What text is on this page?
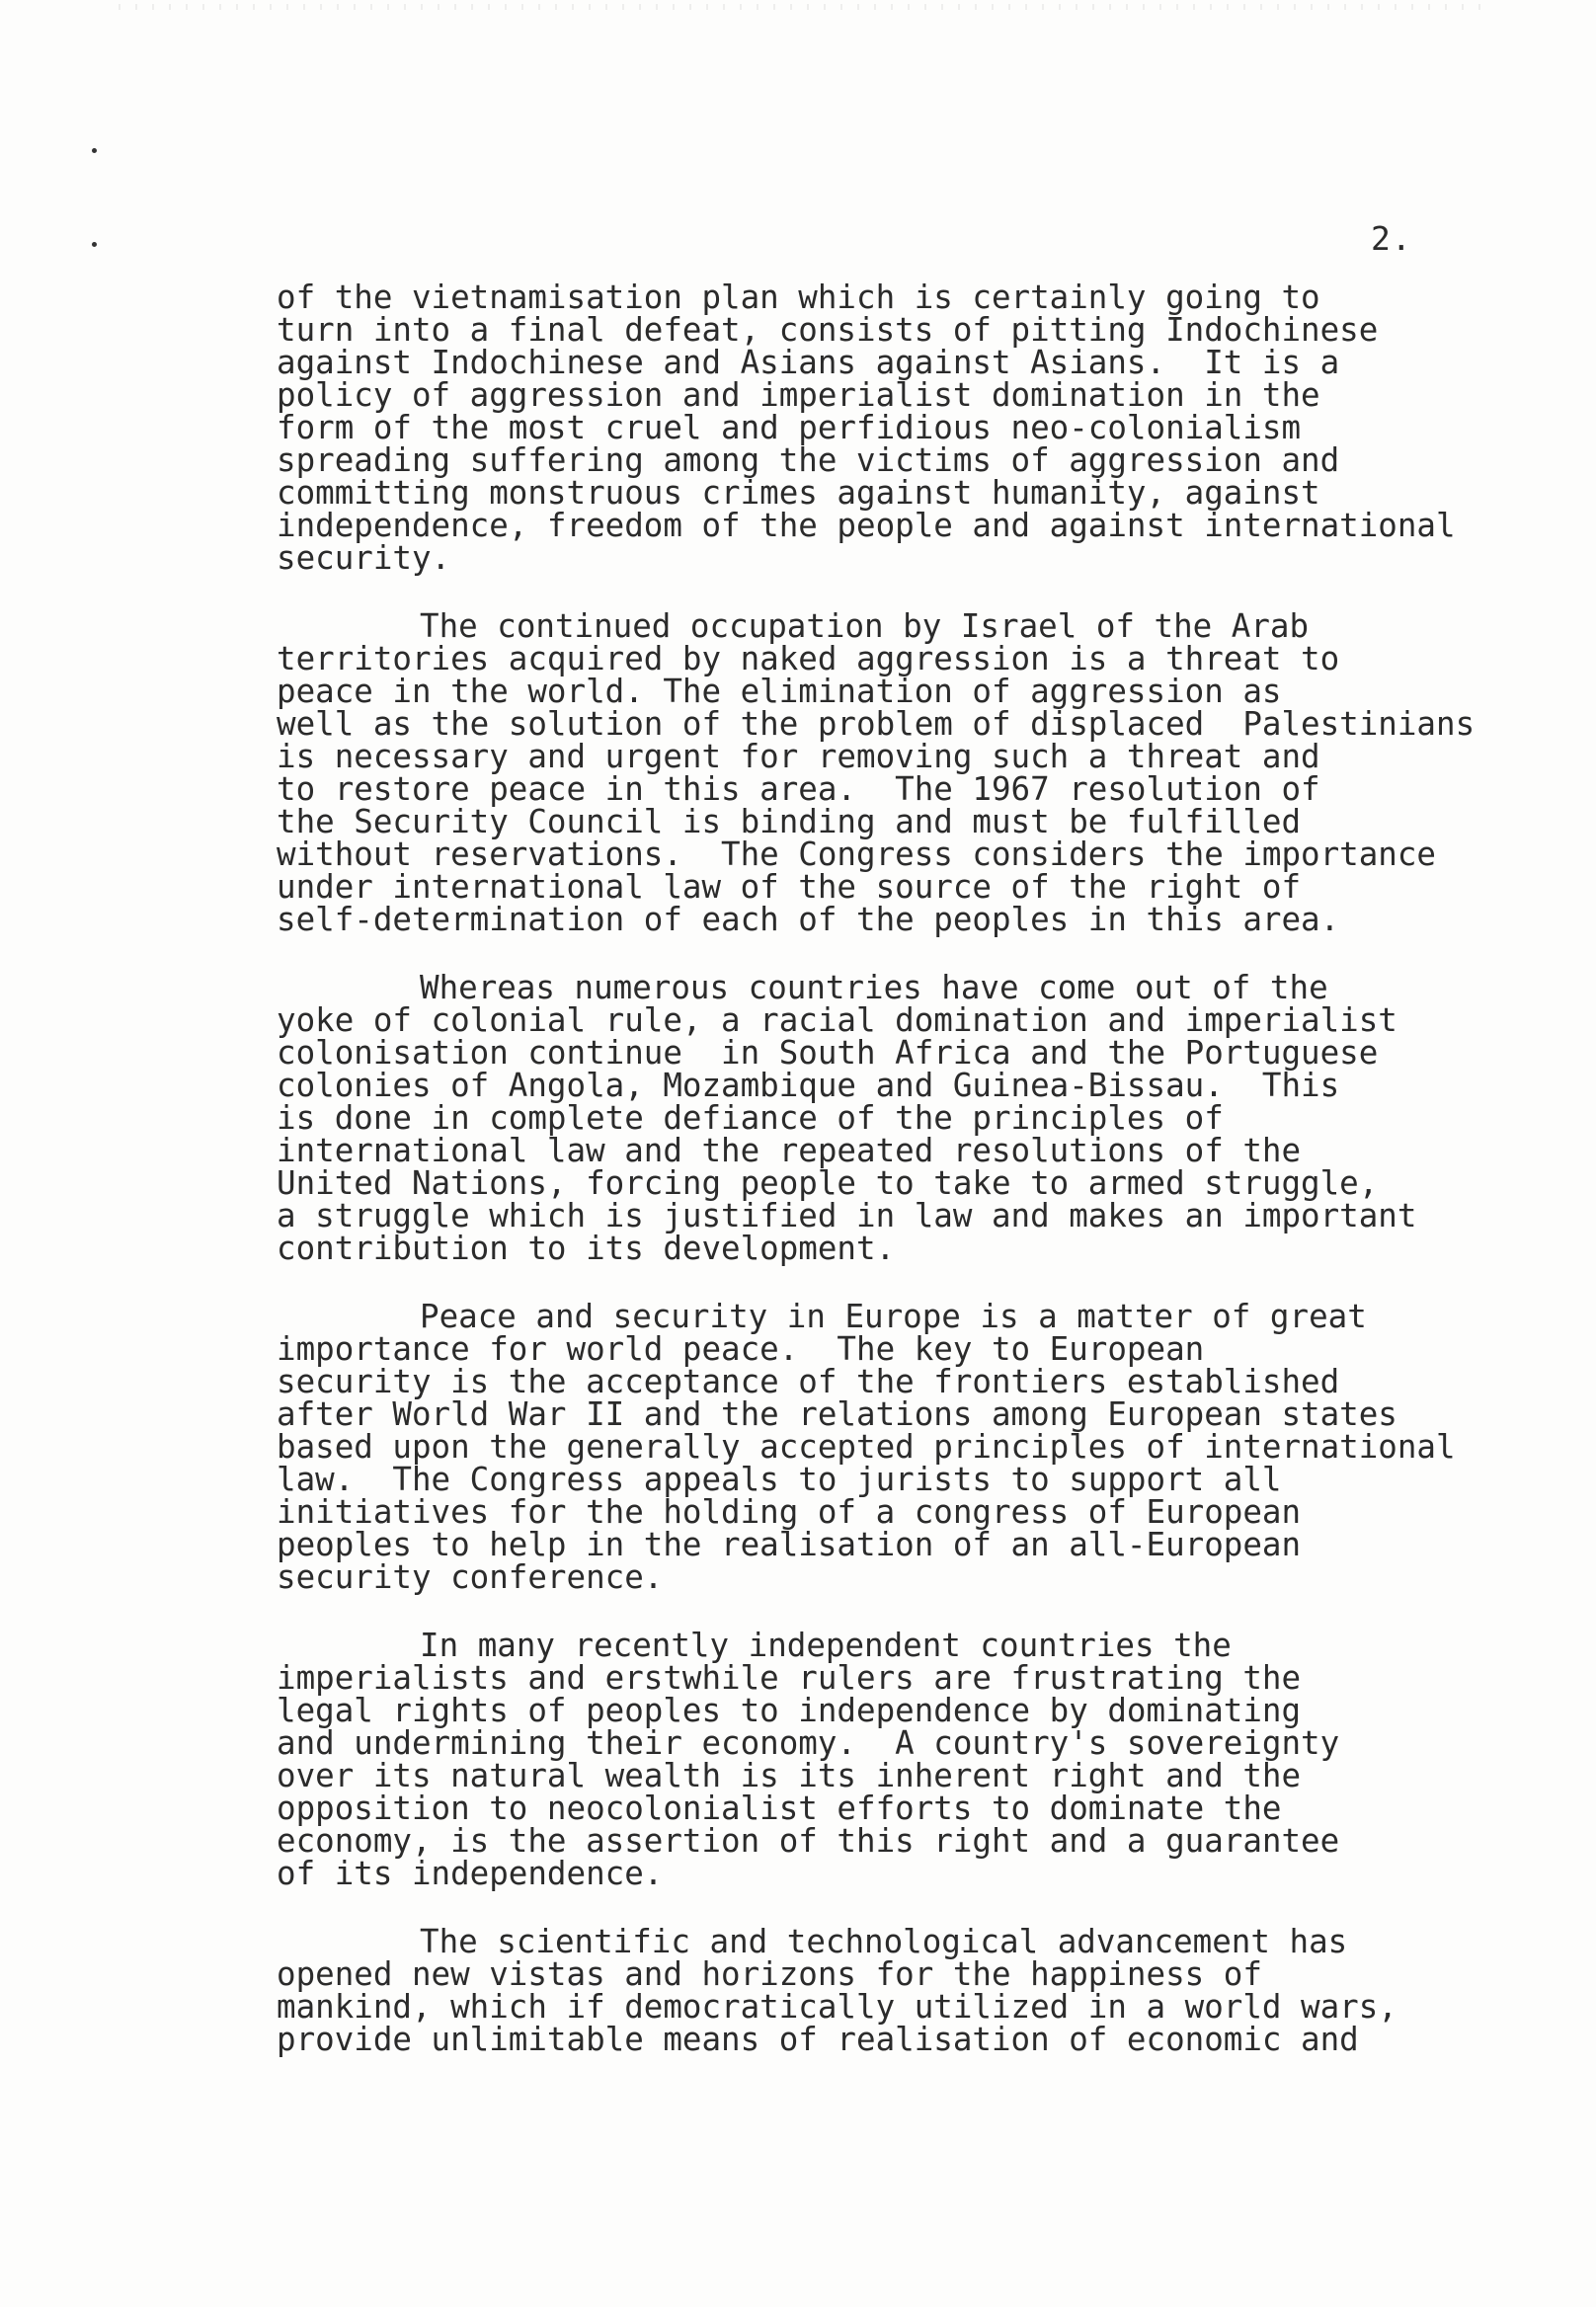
2.
of the vietnamisation plan which is certainly going to
turn into a final defeat, consists of pitting Indochinese
against Indochinese and Asians against Asians.  It is a
policy of aggression and imperialist domination in the
form of the most cruel and perfidious neo-colonialism
spreading suffering among the victims of aggression and
committing monstruous crimes against humanity, against
independence, freedom of the people and against international
security.
The continued occupation by Israel of the Arab
territories acquired by naked aggression is a threat to
peace in the world. The elimination of aggression as
well as the solution of the problem of displaced  Palestinians
is necessary and urgent for removing such a threat and
to restore peace in this area.  The 1967 resolution of
the Security Council is binding and must be fulfilled
without reservations.  The Congress considers the importance
under international law of the source of the right of
self-determination of each of the peoples in this area.
Whereas numerous countries have come out of the
yoke of colonial rule, a racial domination and imperialist
colonisation continue  in South Africa and the Portuguese
colonies of Angola, Mozambique and Guinea-Bissau.  This
is done in complete defiance of the principles of
international law and the repeated resolutions of the
United Nations, forcing people to take to armed struggle,
a struggle which is justified in law and makes an important
contribution to its development.
Peace and security in Europe is a matter of great
importance for world peace.  The key to European
security is the acceptance of the frontiers established
after World War II and the relations among European states
based upon the generally accepted principles of international
law.  The Congress appeals to jurists to support all
initiatives for the holding of a congress of European
peoples to help in the realisation of an all-European
security conference.
In many recently independent countries the
imperialists and erstwhile rulers are frustrating the
legal rights of peoples to independence by dominating
and undermining their economy.  A country's sovereignty
over its natural wealth is its inherent right and the
opposition to neocolonialist efforts to dominate the
economy, is the assertion of this right and a guarantee
of its independence.
The scientific and technological advancement has
opened new vistas and horizons for the happiness of
mankind, which if democratically utilized in a world wars,
provide unlimitable means of realisation of economic and
